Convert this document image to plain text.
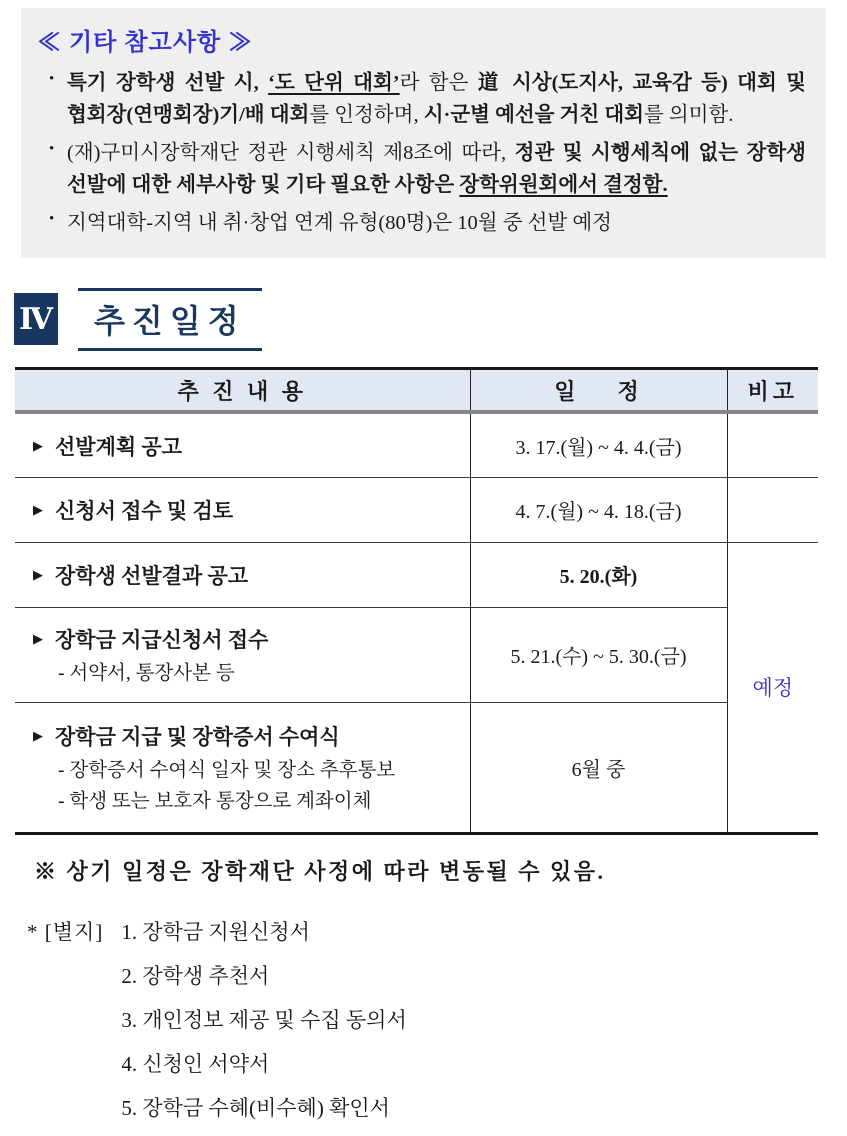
≪ 기타 참고사항 ≫
• 특기 장학생 선발 시, ‘도 단위 대회’라 함은 道 시상(도지사, 교육감 등) 대회 및 협회장(연맹회장)기/배 대회를 인정하며, 시·군별 예선을 거친 대회를 의미함.
• (재)구미시장학재단 정관 시행세칙 제8조에 따라, 정관 및 시행세칙에 없는 장학생 선발에 대한 세부사항 및 기타 필요한 사항은 장학위원회에서 결정함.
• 지역대학-지역 내 취·창업 연계 유형(80명)은 10월 중 선발 예정
Ⅳ	추진일정
추 진 내 용	일    정	비고

▶ 선발계획 공고	3. 17.(월) ~ 4. 4.(금)	

▶ 신청서 접수 및 검토	4. 7.(월) ~ 4. 18.(금)	

▶ 장학생 선발결과 공고	5. 20.(화)	예정

▶ 장학금 지급신청서 접수
- 서약서, 통장사본 등	5. 21.(수) ~ 5. 30.(금)	

▶ 장학금 지급 및 장학증서 수여식
- 장학증서 수여식 일자 및 장소 추후통보
- 학생 또는 보호자 통장으로 계좌이체	6월 중	
※ 상기 일정은 장학재단 사정에 따라 변동될 수 있음.
* [별지] 1. 장학금 지원신청서
2. 장학생 추천서
3. 개인정보 제공 및 수집 동의서
4. 신청인 서약서
5. 장학금 수혜(비수혜) 확인서
